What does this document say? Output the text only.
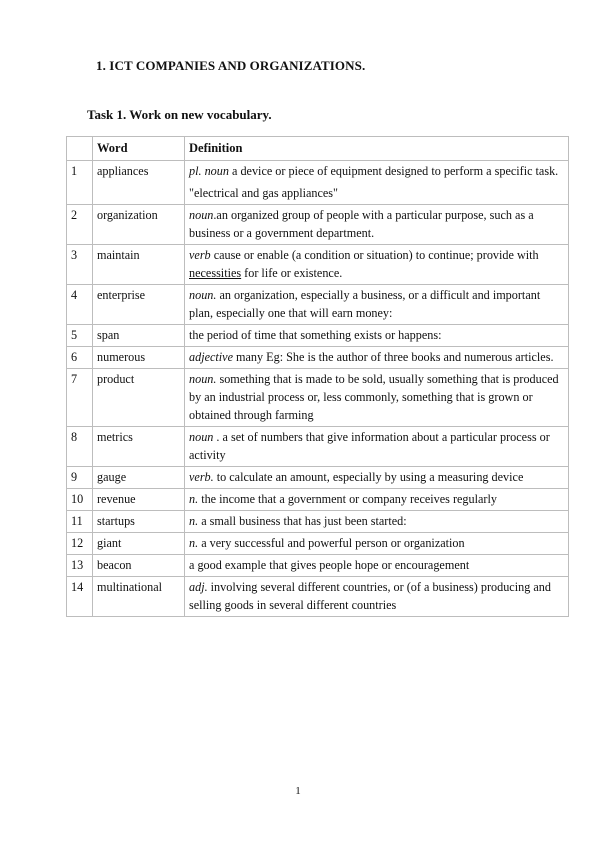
1. ICT COMPANIES AND ORGANIZATIONS.
Task 1. Work on new vocabulary.
	Word	Definition
1	appliances	pl. noun a device or piece of equipment designed to perform a specific task.
"electrical and gas appliances"

2	organization	noun.an organized group of people with a particular purpose, such as a business or a government department.
3	maintain	verb cause or enable (a condition or situation) to continue; provide with necessities for life or existence.
4	enterprise	noun. an organization, especially a business, or a difficult and important plan, especially one that will earn money:
5	span	the period of time that something exists or happens:
6	numerous	adjective many Eg: She is the author of three books and numerous articles.
7	product	noun. something that is made to be sold, usually something that is produced by an industrial process or, less commonly, something that is grown or obtained through farming
8	metrics	noun . a set of numbers that give information about a particular process or activity
9	gauge	verb. to calculate an amount, especially by using a measuring device
10	revenue	n. the income that a government or company receives regularly
11	startups	n. a small business that has just been started:
12	giant	n. a very successful and powerful person or organization
13	beacon	a good example that gives people hope or encouragement
14	multinational	adj. involving several different countries, or (of a business) producing and selling goods in several different countries
1
